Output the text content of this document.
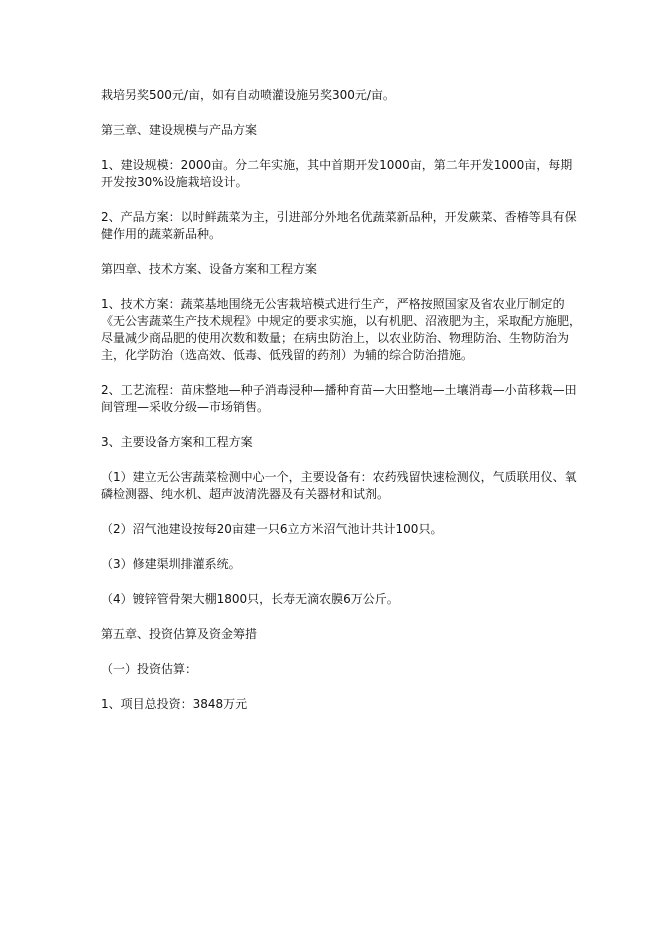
栽培另奖500元/亩，如有自动喷灌设施另奖300元/亩。
第三章、建设规模与产品方案
1、建设规模：2000亩。分二年实施，其中首期开发1000亩，第二年开发1000亩，每期
开发按30%设施栽培设计。
2、产品方案：以时鲜蔬菜为主，引进部分外地名优蔬菜新品种，开发蕨菜、香椿等具有保
健作用的蔬菜新品种。
第四章、技术方案、设备方案和工程方案
1、技术方案：蔬菜基地围绕无公害栽培模式进行生产，严格按照国家及省农业厅制定的
《无公害蔬菜生产技术规程》中规定的要求实施，以有机肥、沼液肥为主，采取配方施肥，
尽量减少商品肥的使用次数和数量；在病虫防治上，以农业防治、物理防治、生物防治为
主，化学防治（选高效、低毒、低残留的药剂）为辅的综合防治措施。
2、工艺流程：苗床整地—种子消毒浸种—播种育苗—大田整地—土壤消毒—小苗移栽—田
间管理—采收分级—市场销售。
3、主要设备方案和工程方案
（1）建立无公害蔬菜检测中心一个，主要设备有：农药残留快速检测仪，气质联用仪、氧
磷检测器、纯水机、超声波清洗器及有关器材和试剂。
（2）沼气池建设按每20亩建一只6立方米沼气池计共计100只。
（3）修建渠圳排灌系统。
（4）镀锌管骨架大棚1800只，长寿无滴农膜6万公斤。
第五章、投资估算及资金筹措
（一）投资估算：
1、项目总投资：3848万元
